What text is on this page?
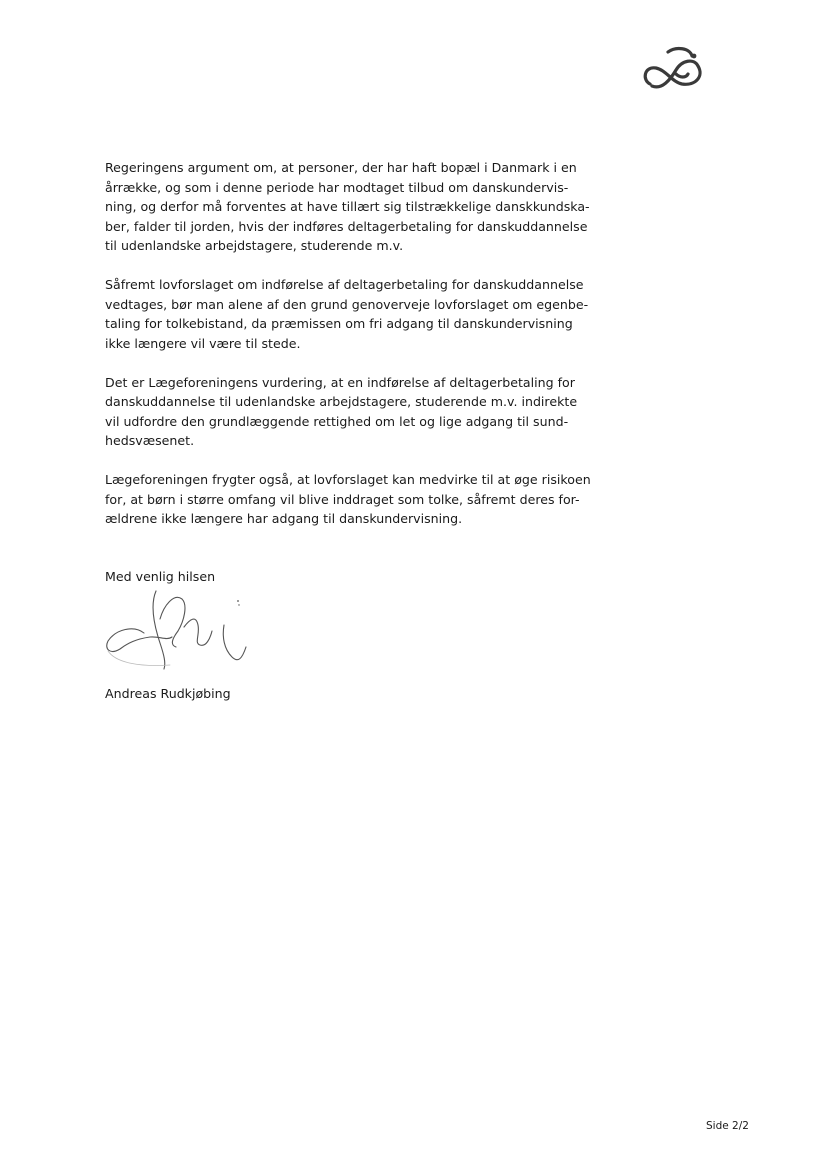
Regeringens argument om, at personer, der har haft bopæl i Danmark i en
årrække, og som i denne periode har modtaget tilbud om danskundervis-
ning, og derfor må forventes at have tillært sig tilstrækkelige danskkundska-
ber, falder til jorden, hvis der indføres deltagerbetaling for danskuddannelse
til udenlandske arbejdstagere, studerende m.v.

Såfremt lovforslaget om indførelse af deltagerbetaling for danskuddannelse
vedtages, bør man alene af den grund genoverveje lovforslaget om egenbe-
taling for tolkebistand, da præmissen om fri adgang til danskundervisning
ikke længere vil være til stede.

Det er Lægeforeningens vurdering, at en indførelse af deltagerbetaling for
danskuddannelse til udenlandske arbejdstagere, studerende m.v. indirekte
vil udfordre den grundlæggende rettighed om let og lige adgang til sund-
hedsvæsenet.

Lægeforeningen frygter også, at lovforslaget kan medvirke til at øge risikoen
for, at børn i større omfang vil blive inddraget som tolke, såfremt deres for-
ældrene ikke længere har adgang til danskundervisning.

Med venlig hilsen
Andreas Rudkjøbing
Side 2/2
